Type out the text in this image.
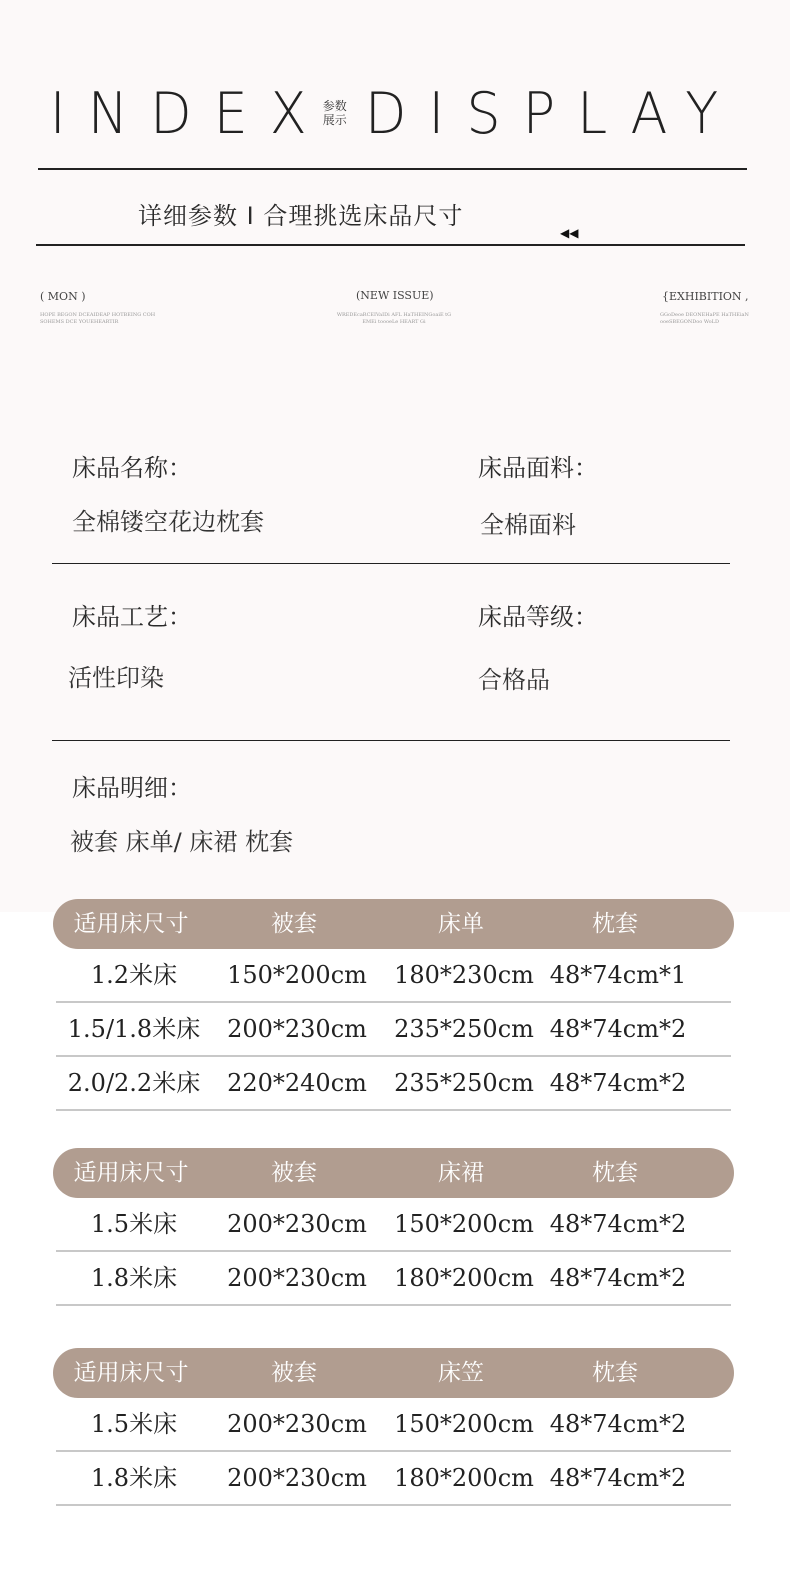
INDEX
参数
展示 DISPLAY
详细参数 I 合理挑选床品尺寸
◀◀
( MON )
HOPE BEGON DCEAIDEAP HOTBEING COH SOHEMS DCE YOUEHEARTIR
(NEW ISSUE)
WREDEcaRCEIVaIDi AFL HaTHEINGoaiE tG EMEi toooeLe HEART Gi
{EXHIBITION ,
GGoDeoe DEONEHaPE HaTHEiaN ooeSBEGONDoo WoLD
床品名称：
全棉镂空花边枕套
床品面料：
全棉面料
床品工艺：
活性印染
床品等级：
合格品
床品明细：
被套 床单/ 床裙 枕套
适用床尺寸	被套	床单	枕套
1.2米床	150*200cm	180*230cm 48*74cm*1
1.5/1.8米床	200*230cm	235*250cm 48*74cm*2
2.0/2.2米床	220*240cm	235*250cm 48*74cm*2
适用床尺寸	被套	床裙	枕套
1.5米床	200*230cm	150*200cm 48*74cm*2
1.8米床	200*230cm	180*200cm 48*74cm*2
适用床尺寸	被套	床笠	枕套
1.5米床	200*230cm	150*200cm 48*74cm*2
1.8米床	200*230cm	180*200cm 48*74cm*2
